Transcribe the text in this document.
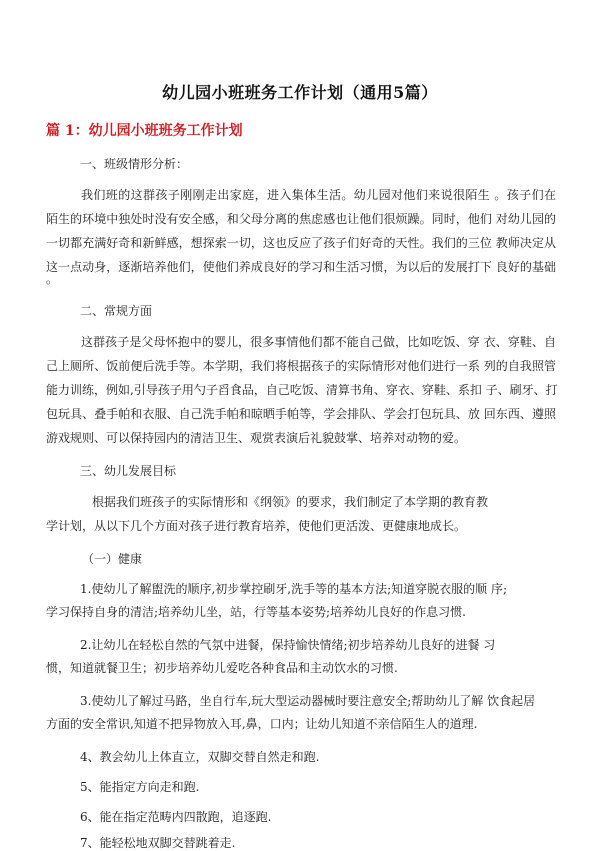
幼儿园小班班务工作计划（通用5篇）
篇 1：幼儿园小班班务工作计划
一、班级情形分析：
我们班的这群孩子刚刚走出家庭，进入集体生活。幼儿园对他们来说很陌生 。孩子们在
陌生的环境中独处时没有安全感，和父母分离的焦虑感也让他们很烦躁。同时，他们 对幼儿园的
一切都充满好奇和新鲜感，想探索一切，这也反应了孩子们好奇的天性。我们的三位 教师决定从
这一点动身，逐渐培养他们，使他们养成良好的学习和生活习惯，为以后的发展打下 良好的基础
。
二、常规方面
这群孩子是父母怀抱中的婴儿，很多事情他们都不能自己做，比如吃饭、穿 衣、穿鞋、自
己上厕所、饭前便后洗手等。本学期，我们将根据孩子的实际情形对他们进行一系 列的自我照管
能力训练，例如,引导孩子用勺子舀食品，自己吃饭、清算书角、穿衣、穿鞋、系扣 子、刷牙、打
包玩具、叠手帕和衣服、自己洗手帕和晾晒手帕等，学会排队、学会打包玩具、放 回东西、遵照
游戏规则、可以保持园内的清洁卫生、观赏表演后礼貌鼓掌、培养对动物的爱。
三、幼儿发展目标
根据我们班孩子的实际情形和《纲领》的要求，我们制定了本学期的教育教
学计划，从以下几个方面对孩子进行教育培养，使他们更活泼、更健康地成长。
（一）健康
1.使幼儿了解盥洗的顺序,初步掌控刷牙,洗手等的基本方法;知道穿脱衣服的顺 序;
学习保持自身的清洁;培养幼儿坐，站，行等基本姿势;培养幼儿良好的作息习惯.
2.让幼儿在轻松自然的气氛中进餐，保持愉快情绪;初步培养幼儿良好的进餐 习
惯，知道就餐卫生；初步培养幼儿爱吃各种食品和主动饮水的习惯.
3.使幼儿了解过马路，坐自行车,玩大型运动器械时要注意安全;帮助幼儿了解 饮食起居
方面的安全常识,知道不把异物放入耳,鼻，口内；让幼儿知道不亲信陌生人的道理.
4、教会幼儿上体直立，双脚交替自然走和跑.
5、能指定方向走和跑.
6、能在指定范畴内四散跑，追逐跑.
7、能轻松地双脚交替跳着走.
